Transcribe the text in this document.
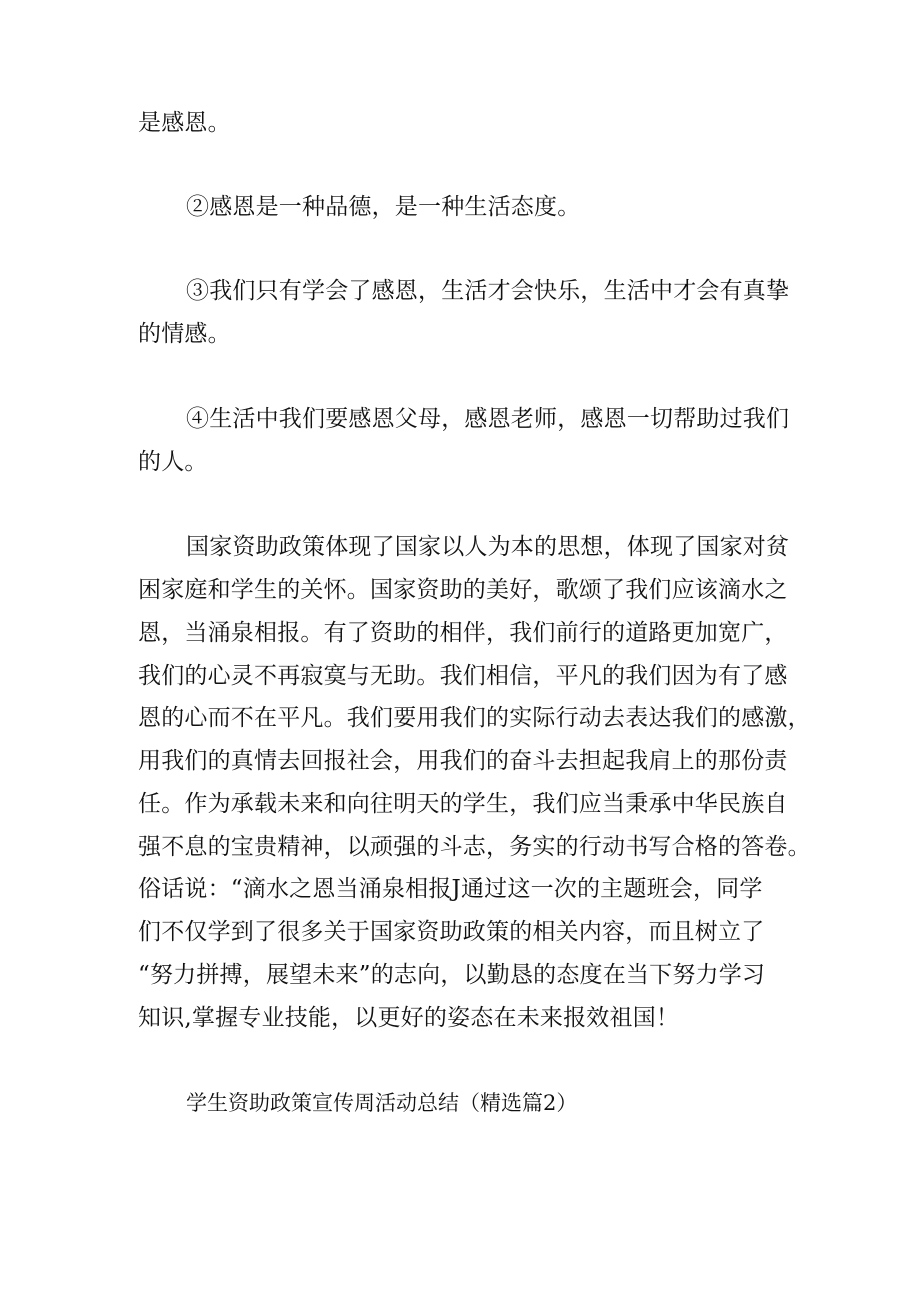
是感恩。
②感恩是一种品德，是一种生活态度。
③我们只有学会了感恩，生活才会快乐，生活中才会有真挚
的情感。
④生活中我们要感恩父母，感恩老师，感恩一切帮助过我们
的人。
国家资助政策体现了国家以人为本的思想，体现了国家对贫
困家庭和学生的关怀。国家资助的美好，歌颂了我们应该滴水之
恩，当涌泉相报。有了资助的相伴，我们前行的道路更加宽广，
我们的心灵不再寂寞与无助。我们相信，平凡的我们因为有了感
恩的心而不在平凡。我们要用我们的实际行动去表达我们的感激，
用我们的真情去回报社会，用我们的奋斗去担起我肩上的那份责
任。作为承载未来和向往明天的学生，我们应当秉承中华民族自
强不息的宝贵精神，以顽强的斗志，务实的行动书写合格的答卷。
俗话说：“滴水之恩当涌泉相报J通过这一次的主题班会，同学
们不仅学到了很多关于国家资助政策的相关内容，而且树立了
“努力拼搏，展望未来”的志向，以勤恳的态度在当下努力学习
知识,掌握专业技能，以更好的姿态在未来报效祖国！
学生资助政策宣传周活动总结（精选篇2）
